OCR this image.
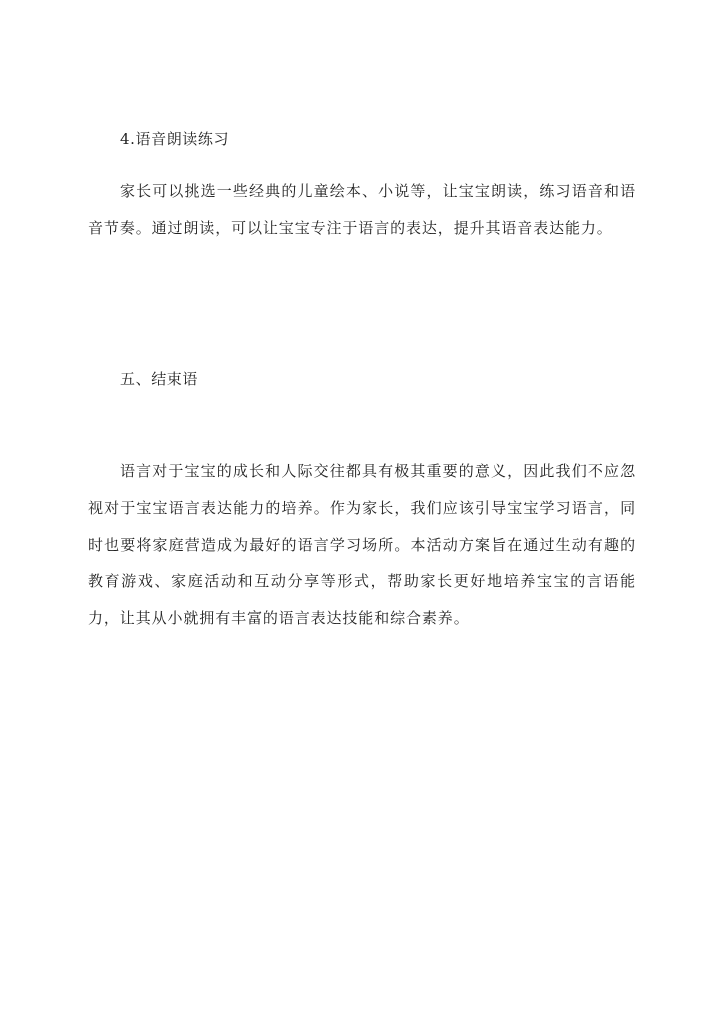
4.语音朗读练习

家长可以挑选一些经典的儿童绘本、小说等，让宝宝朗读，练习语音和语音节奏。通过朗读，可以让宝宝专注于语言的表达，提升其语音表达能力。

五、结束语

语言对于宝宝的成长和人际交往都具有极其重要的意义，因此我们不应忽视对于宝宝语言表达能力的培养。作为家长，我们应该引导宝宝学习语言，同时也要将家庭营造成为最好的语言学习场所。本活动方案旨在通过生动有趣的教育游戏、家庭活动和互动分享等形式，帮助家长更好地培养宝宝的言语能力，让其从小就拥有丰富的语言表达技能和综合素养。
